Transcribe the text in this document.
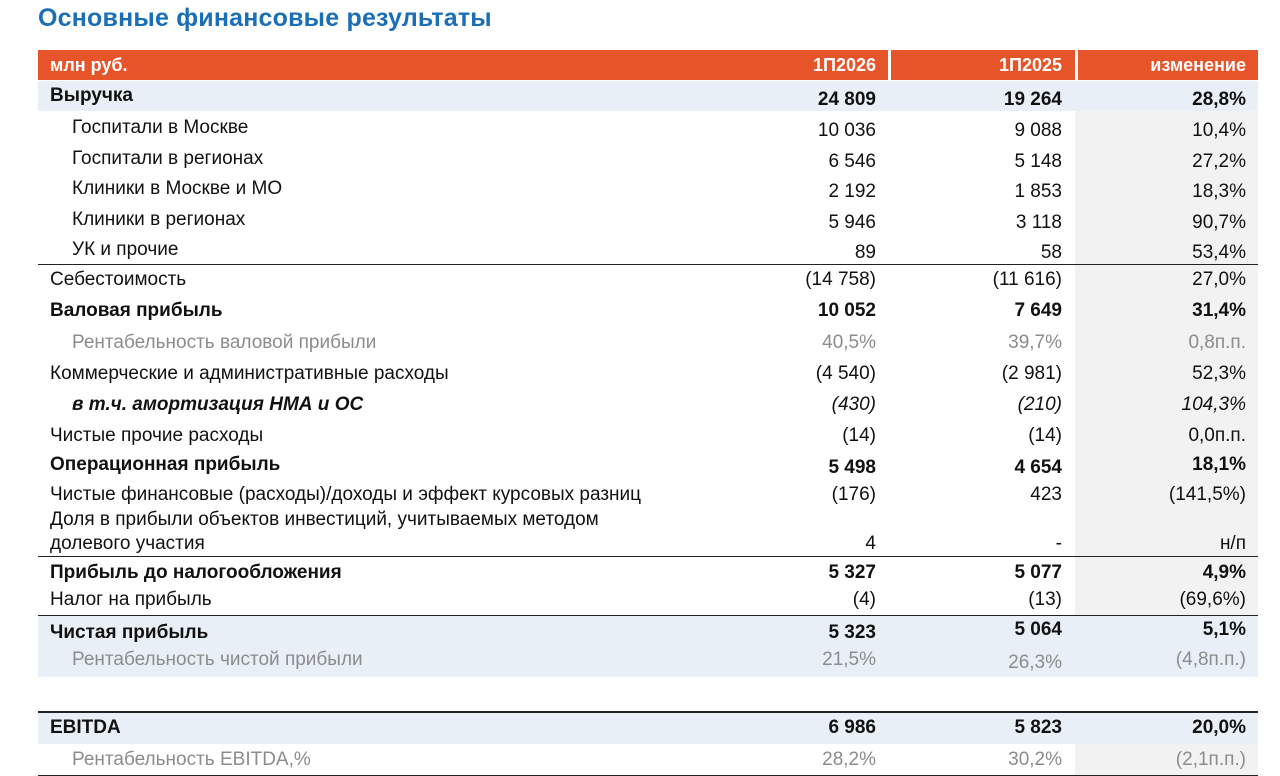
Основные финансовые результаты
млн руб.	1П2026	1П2025	изменение
Выручка	24 809	19 264	28,8%
Госпитали в Москве	10 036	9 088	10,4%
Госпитали в регионах	6 546	5 148	27,2%
Клиники в Москве и МО	2 192	1 853	18,3%
Клиники в регионах	5 946	3 118	90,7%
УК и прочие	89	58	53,4%
Себестоимость	(14 758)	(11 616)	27,0%
Валовая прибыль	10 052	7 649	31,4%
Рентабельность валовой прибыли	40,5%	39,7%	0,8п.п.
Коммерческие и административные расходы	(4 540)	(2 981)	52,3%
в т.ч. амортизация НМА и ОС	(430)	(210)	104,3%
Чистые прочие расходы	(14)	(14)	0,0п.п.
Операционная прибыль	5 498	4 654	18,1%
Чистые финансовые (расходы)/доходы и эффект курсовых разниц	(176)	423	(141,5%)
Доля в прибыли объектов инвестиций, учитываемых методом
долевого участия	4	-	н/п
Прибыль до налогообложения	5 327	5 077	4,9%
Налог на прибыль	(4)	(13)	(69,6%)
Чистая прибыль	5 323	5 064	5,1%
Рентабельность чистой прибыли	21,5%	26,3%	(4,8п.п.)
EBITDA	6 986	5 823	20,0%
Рентабельность EBITDA,%	28,2%	30,2%	(2,1п.п.)
